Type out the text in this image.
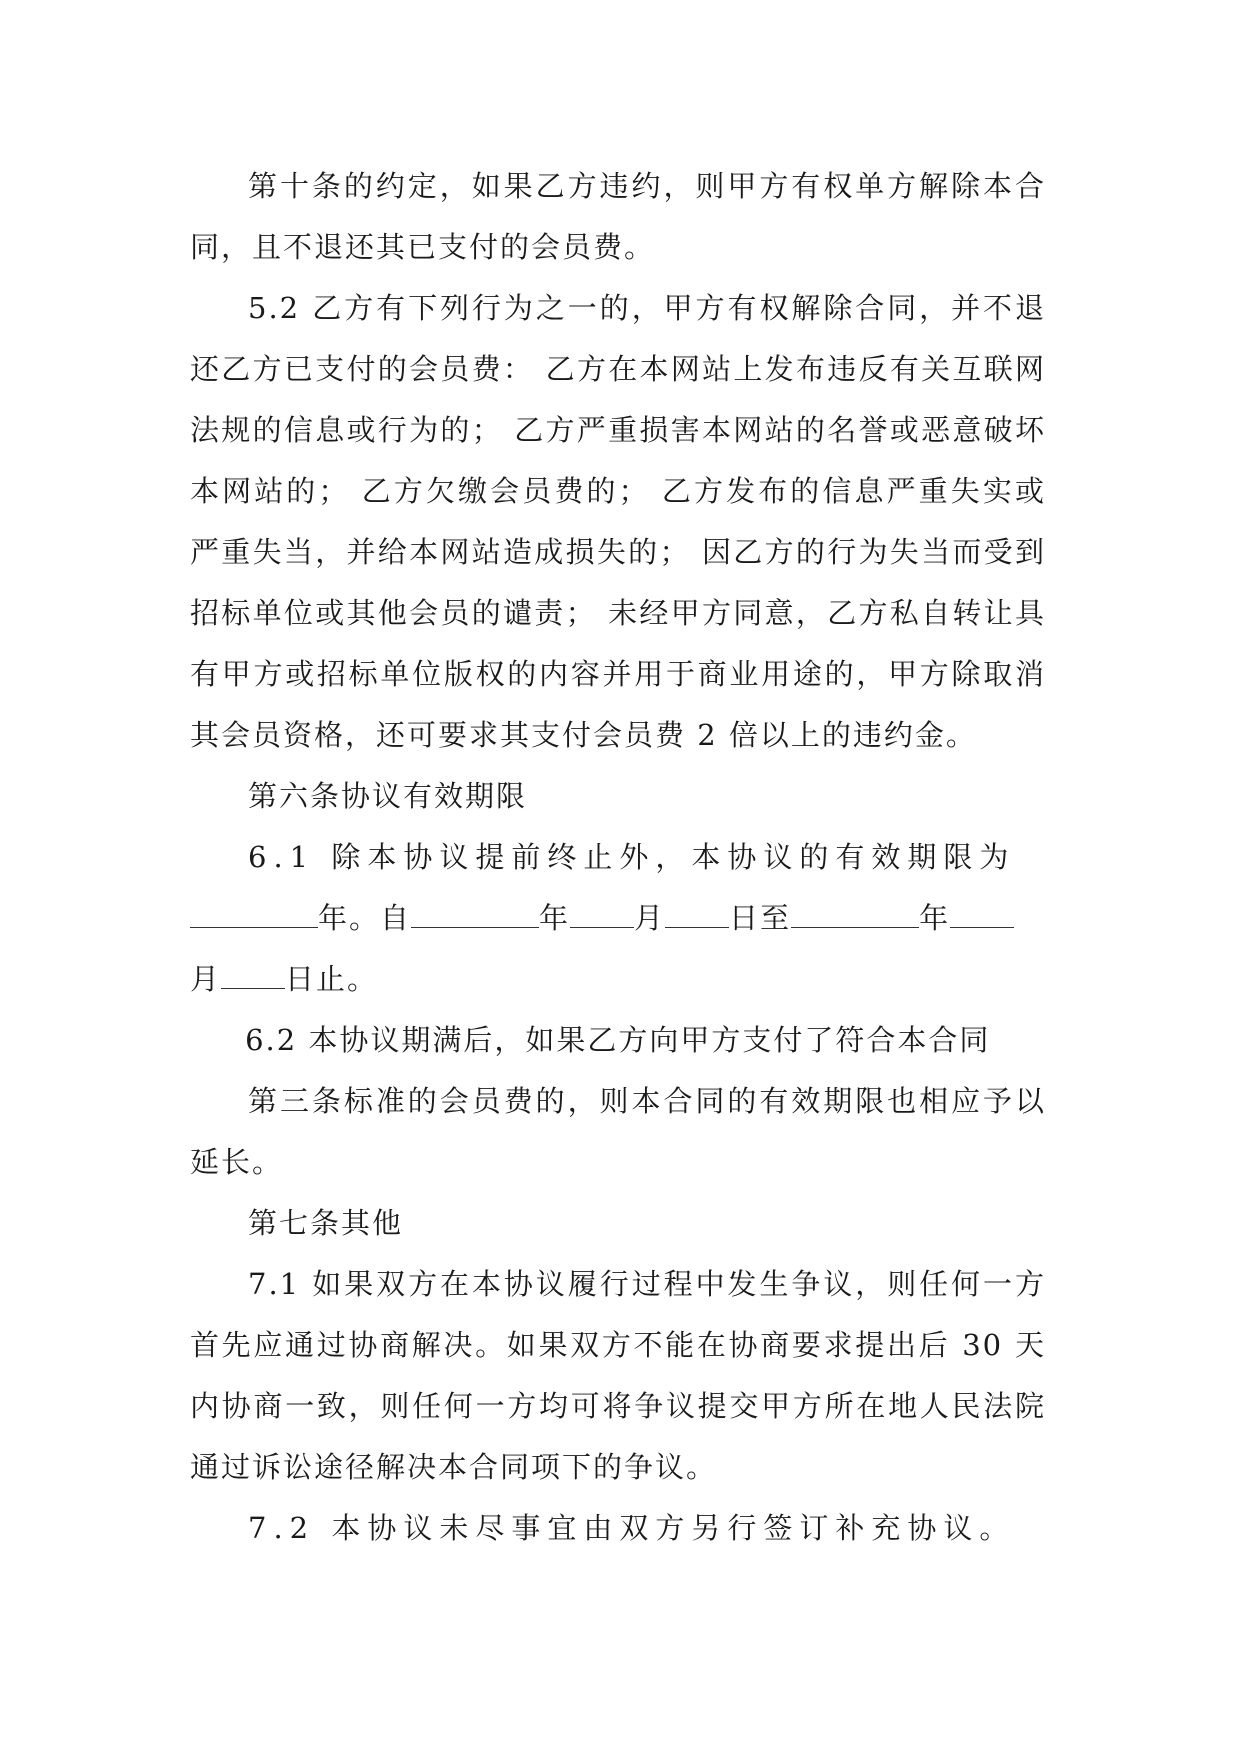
第十条的约定，如果乙方违约，则甲方有权单方解除本合同，且不退还其已支付的会员费。

5.2 乙方有下列行为之一的，甲方有权解除合同，并不退还乙方已支付的会员费： 乙方在本网站上发布违反有关互联网法规的信息或行为的； 乙方严重损害本网站的名誉或恶意破坏本网站的； 乙方欠缴会员费的； 乙方发布的信息严重失实或严重失当，并给本网站造成损失的； 因乙方的行为失当而受到招标单位或其他会员的谴责； 未经甲方同意，乙方私自转让具有甲方或招标单位版权的内容并用于商业用途的，甲方除取消其会员资格，还可要求其支付会员费 2 倍以上的违约金。

第六条协议有效期限

6.1 除本协议提前终止外，本协议的有效期限为

年。自	年 月 日至	年

月 日止。

6.2 本协议期满后，如果乙方向甲方支付了符合本合同

第三条标准的会员费的，则本合同的有效期限也相应予以延长。

第七条其他

7.1 如果双方在本协议履行过程中发生争议，则任何一方首先应通过协商解决。如果双方不能在协商要求提出后 30 天内协商一致，则任何一方均可将争议提交甲方所在地人民法院通过诉讼途径解决本合同项下的争议。

7.2 本协议未尽事宜由双方另行签订补充协议。
